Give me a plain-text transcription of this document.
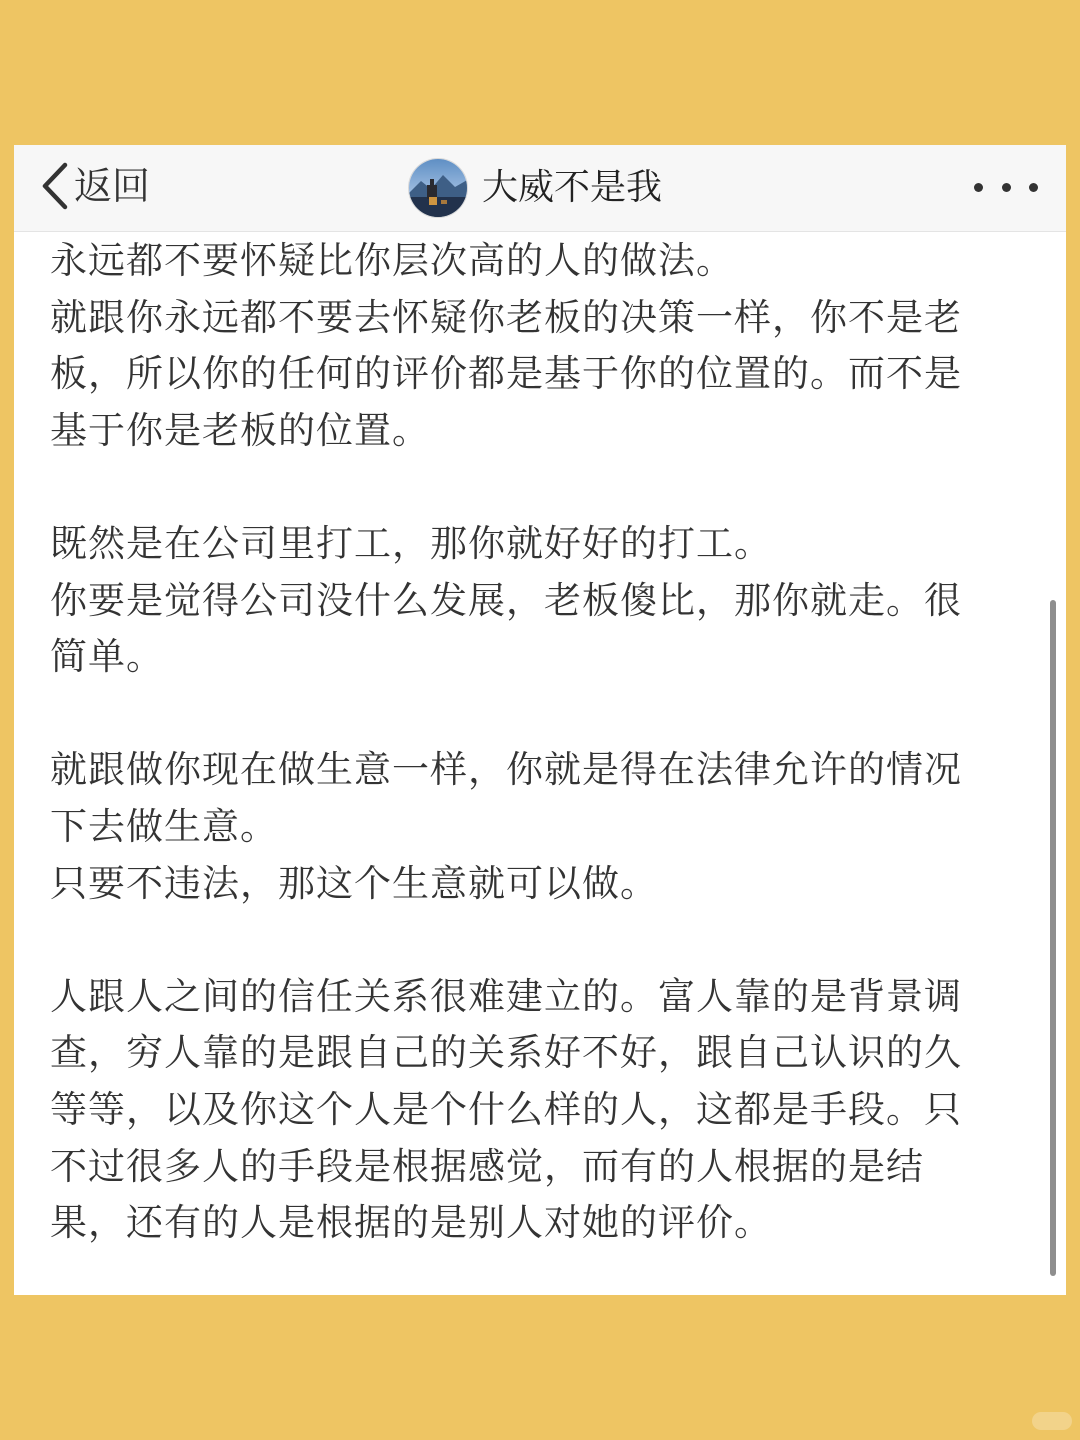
返回	大威不是我

永远都不要怀疑比你层次高的人的做法。
就跟你永远都不要去怀疑你老板的决策一样，你不是老
板，所以你的任何的评价都是基于你的位置的。而不是
基于你是老板的位置。

既然是在公司里打工，那你就好好的打工。
你要是觉得公司没什么发展，老板傻比，那你就走。很
简单。

就跟做你现在做生意一样，你就是得在法律允许的情况
下去做生意。
只要不违法，那这个生意就可以做。

人跟人之间的信任关系很难建立的。富人靠的是背景调
查，穷人靠的是跟自己的关系好不好，跟自己认识的久
等等，以及你这个人是个什么样的人，这都是手段。只
不过很多人的手段是根据感觉，而有的人根据的是结
果，还有的人是根据的是别人对她的评价。
